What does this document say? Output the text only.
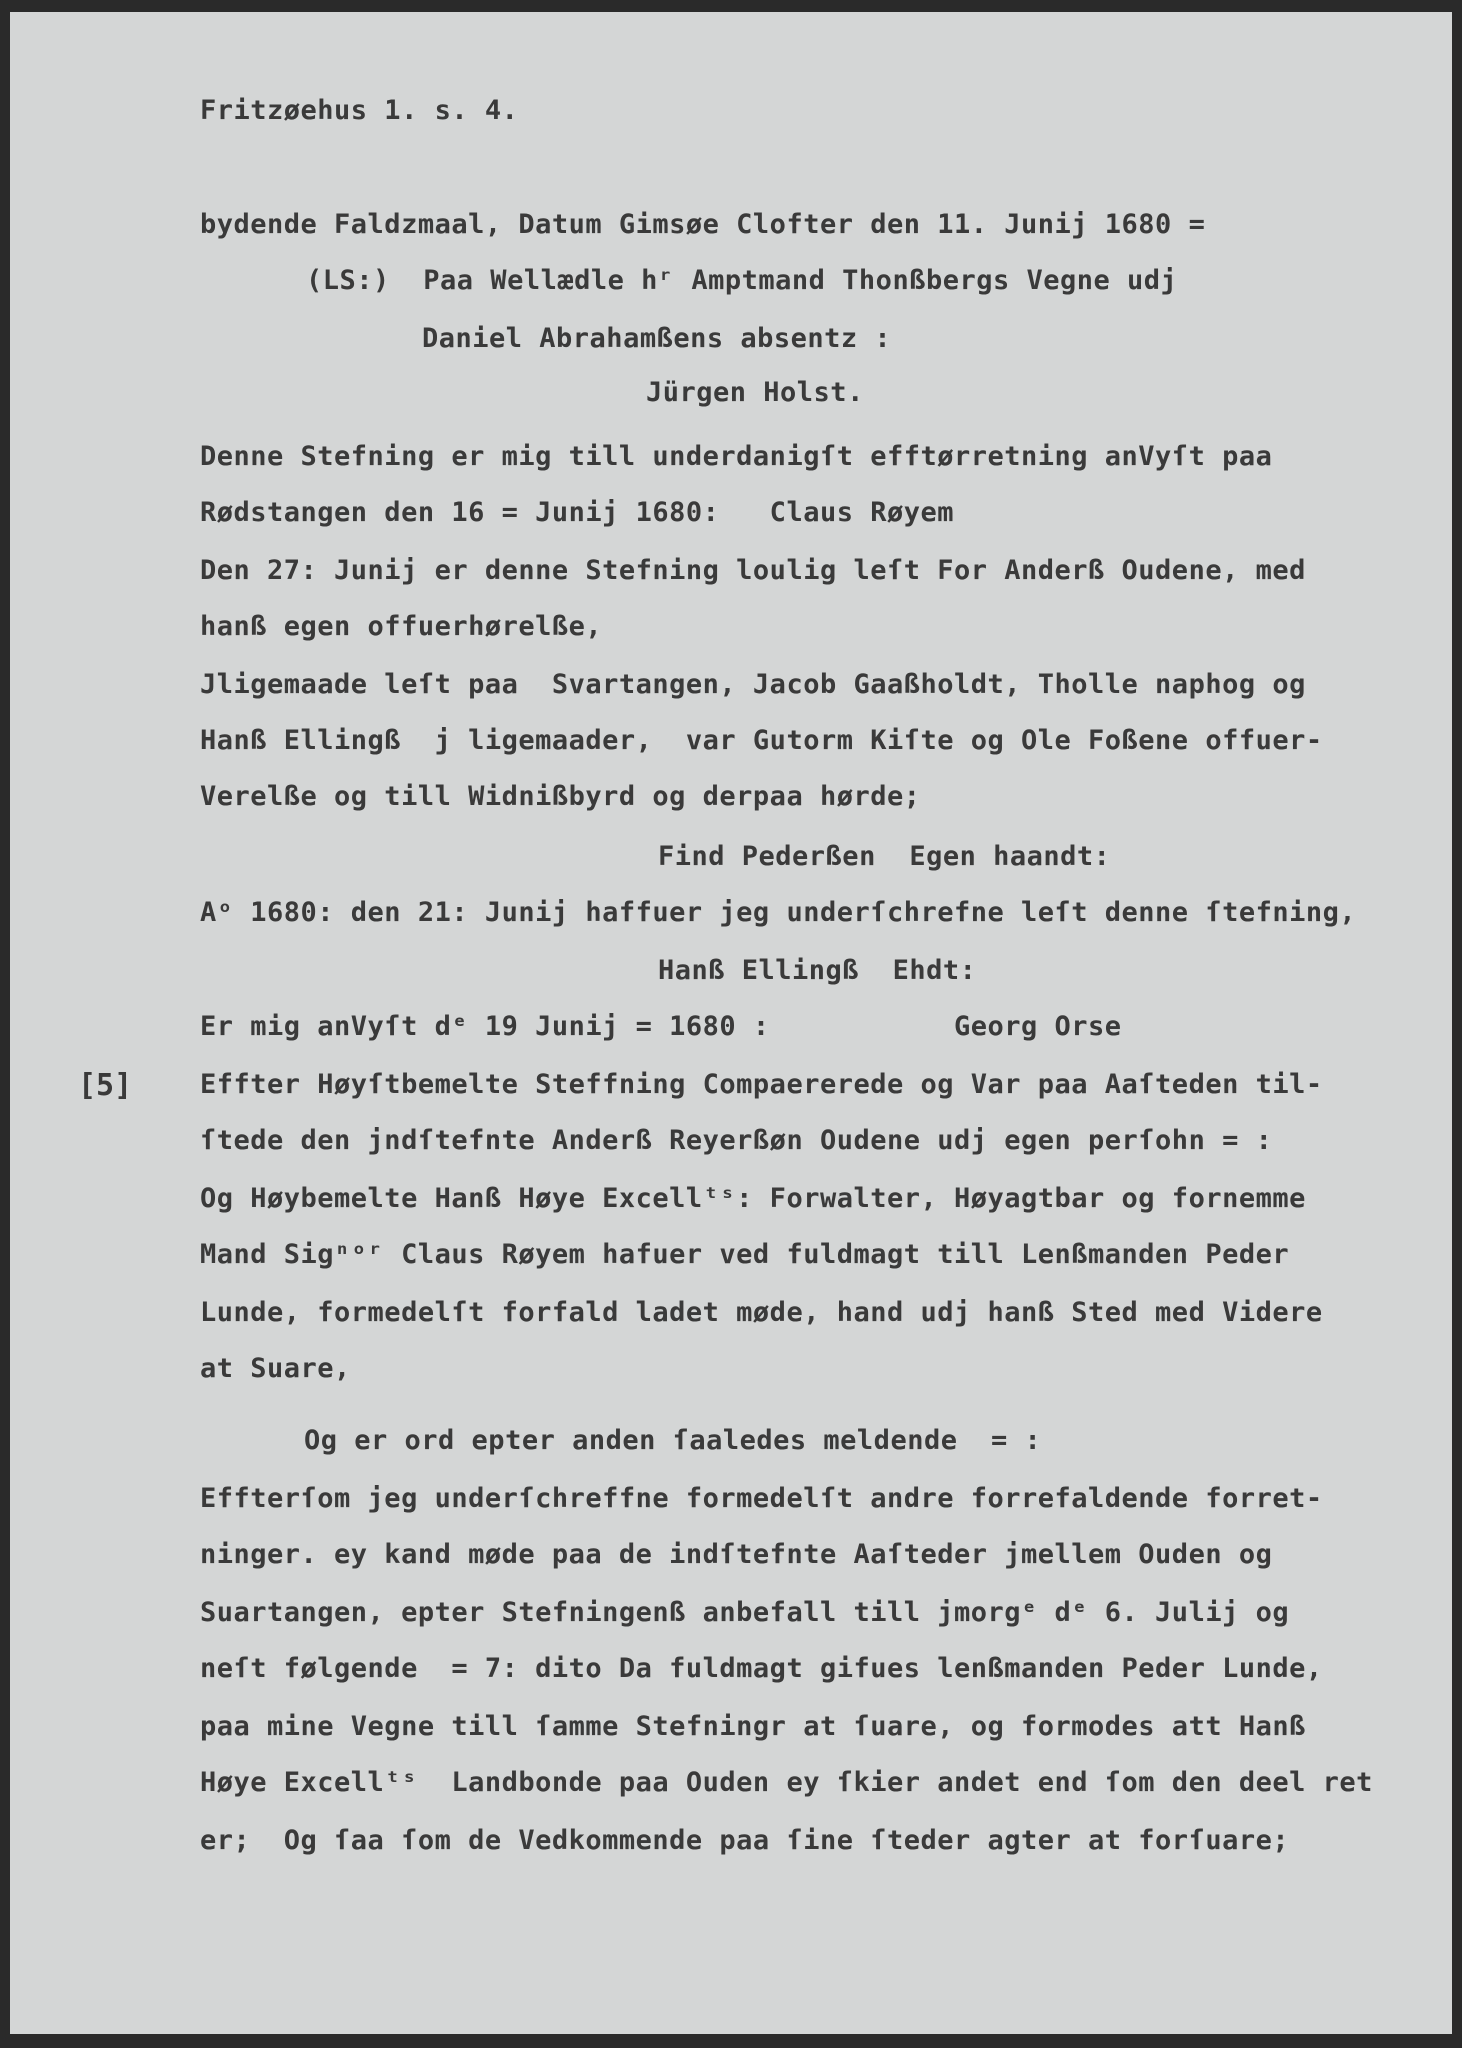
Fritzøehus 1. s. 4.
[5]
bydende Faldzmaal, Datum Gimsøe Clofter den 11. Junij 1680 =
(LS:)  Paa Wellædle hʳ Amptmand Thonßbergs Vegne udj
Daniel Abrahamßens absentz :
Jürgen Holst.
Denne Stefning er mig till underdanigſt efftørretning anVyſt paa
Rødstangen den 16 = Junij 1680:   Claus Røyem
Den 27: Junij er denne Stefning loulig leſt For Anderß Oudene, med
hanß egen offuerhørelße,
Jligemaade leſt paa  Svartangen, Jacob Gaaßholdt, Tholle naphog og
Hanß Ellingß  j ligemaader,  var Gutorm Kiſte og Ole Foßene offuer-
Verelße og till Widnißbyrd og derpaa hørde;
Find Pederßen  Egen haandt:
Aᵒ 1680: den 21: Junij haffuer jeg underſchrefne leſt denne ſtefning,
Hanß Ellingß  Ehdt:
Er mig anVyſt dᵉ 19 Junij = 1680 :           Georg Orse
Effter Høyſtbemelte Steffning Compaererede og Var paa Aaſteden til-
ſtede den jndſtefnte Anderß Reyerßøn Oudene udj egen perſohn = :
Og Høybemelte Hanß Høye Excellᵗˢ: Forwalter, Høyagtbar og fornemme
Mand Sigⁿᵒʳ Claus Røyem hafuer ved fuldmagt till Lenßmanden Peder
Lunde, formedelſt forfald ladet møde, hand udj hanß Sted med Videre
at Suare,
Og er ord epter anden ſaaledes meldende  = :
Effterſom jeg underſchreffne formedelſt andre forrefaldende forret-
ninger. ey kand møde paa de indſtefnte Aaſteder jmellem Ouden og
Suartangen, epter Stefningenß anbefall till jmorgᵉ dᵉ 6. Julij og
neſt følgende  = 7: dito Da fuldmagt gifues lenßmanden Peder Lunde,
paa mine Vegne till ſamme Stefningr at ſuare, og formodes att Hanß
Høye Excellᵗˢ  Landbonde paa Ouden ey ſkier andet end ſom den deel ret
er;  Og ſaa ſom de Vedkommende paa ſine ſteder agter at forſuare;
